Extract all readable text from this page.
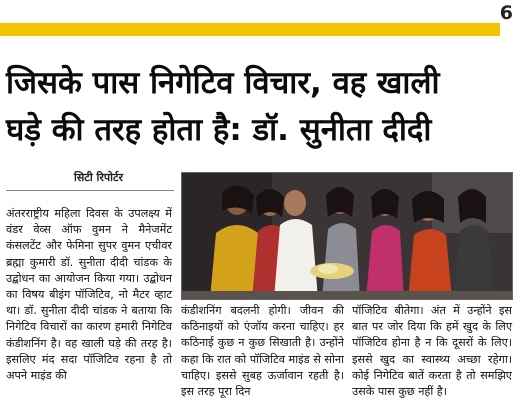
6
जिसके पास निगेटिव विचार, वह खाली
घड़े की तरह होता है: डॉ. सुनीता दीदी
सिटी रिपोर्टर
अंतरराष्ट्रीय महिला दिवस के उपलक्ष्य में वंडर वेव्स ऑफ वुमन ने मैनेजमेंट कंसलटेंट और फेमिना सुपर वुमन एचीवर ब्रह्मा कुमारी डॉ. सुनीता दीदी चांडक के उद्बोधन का आयोजन किया गया। उद्बोधन का विषय बीइंग पॉजिटिव, नो मैटर व्हाट था। डॉ. सुनीता दीदी चांडक ने बताया कि निगेटिव विचारों का कारण हमारी निगेटिव कंडीशनिंग है। वह खाली घड़े की तरह है। इसलिए मंद सदा पॉजिटिव रहना है तो अपने माइंड की
कंडीशनिंग बदलनी होगी। जीवन की कठिनाइयों को एंजॉय करना चाहिए। हर कठिनाई कुछ न कुछ सिखाती है। उन्होंने कहा कि रात को पॉजिटिव माइंड से सोना चाहिए। इससे सुबह ऊर्जावान रहती है। इस तरह पूरा दिन
पॉजिटिव बीतेगा। अंत में उन्होंने इस बात पर जोर दिया कि हमें खुद के लिए पॉजिटिव होना है न कि दूसरों के लिए। इससे खुद का स्वास्थ्य अच्छा रहेगा। कोई निगेटिव बातें करता है तो समझिए उसके पास कुछ नहीं है।
